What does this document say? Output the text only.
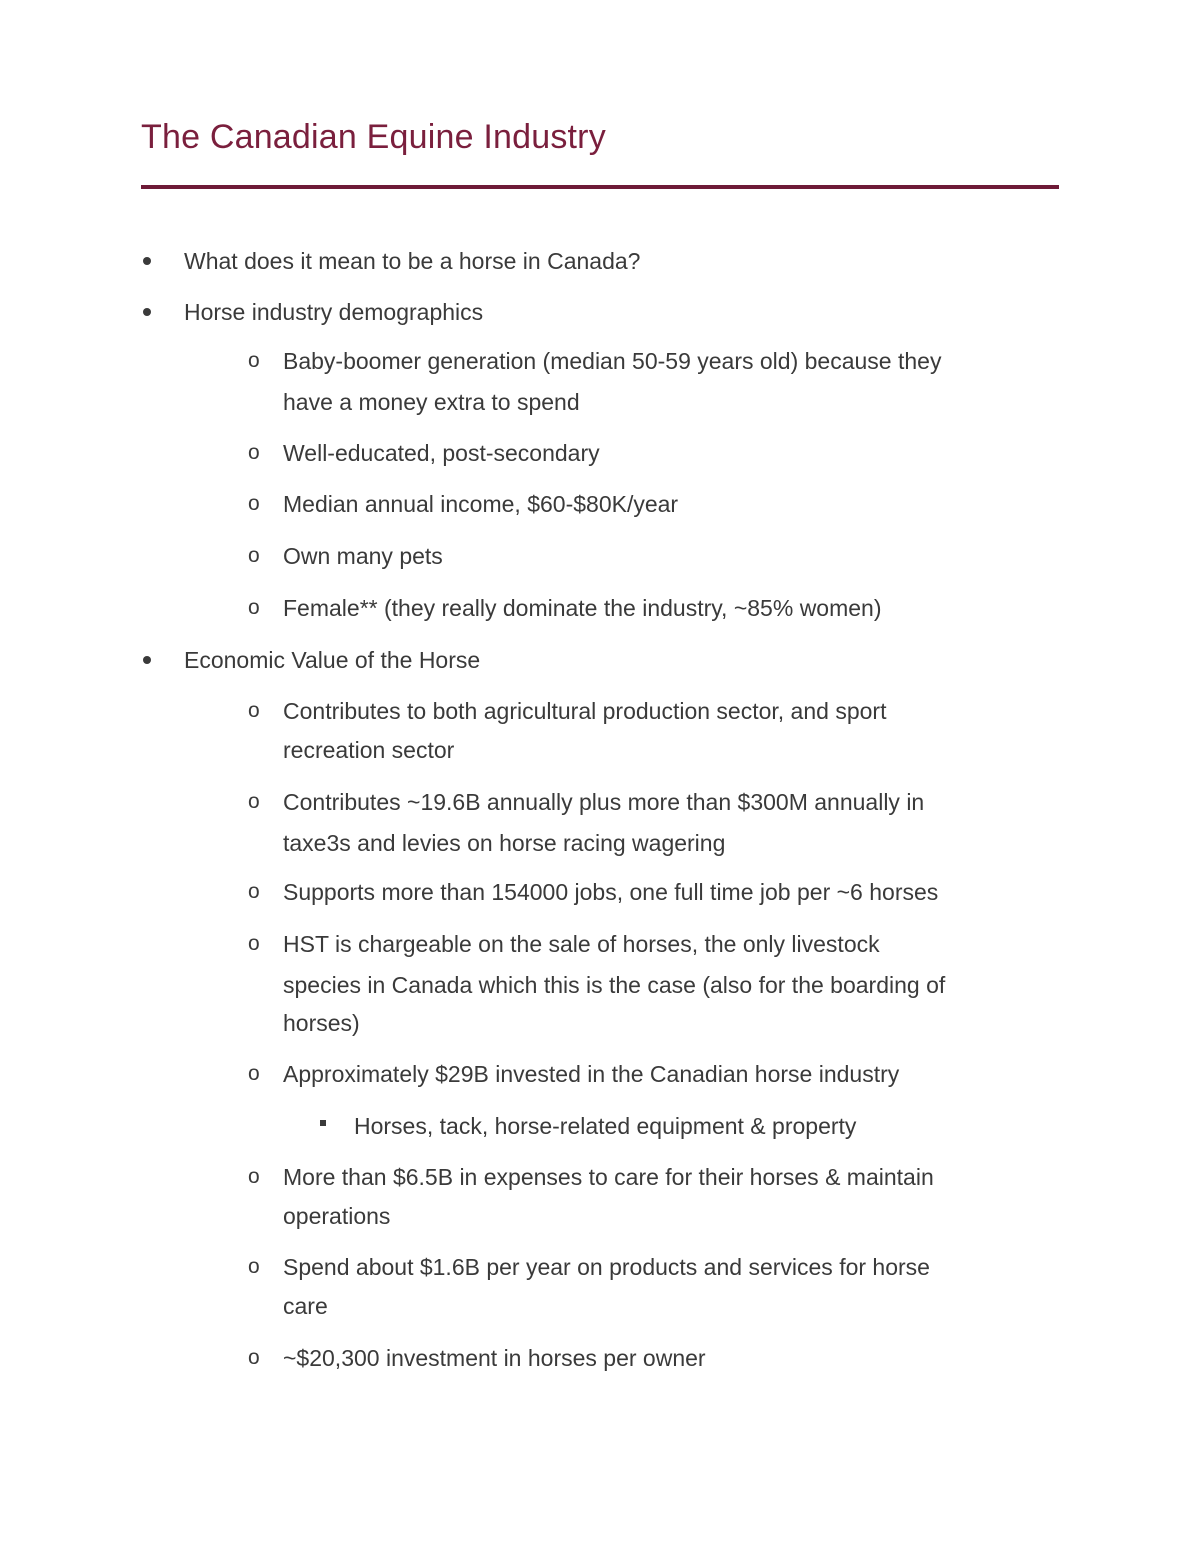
The Canadian Equine Industry
What does it mean to be a horse in Canada?
Horse industry demographics
o Baby-boomer generation (median 50-59 years old) because they
have a money extra to spend
o Well-educated, post-secondary
o Median annual income, $60-$80K/year
o Own many pets
o Female** (they really dominate the industry, ~85% women)
Economic Value of the Horse
o Contributes to both agricultural production sector, and sport
recreation sector
o Contributes ~19.6B annually plus more than $300M annually in
taxe3s and levies on horse racing wagering
o Supports more than 154000 jobs, one full time job per ~6 horses
o HST is chargeable on the sale of horses, the only livestock
species in Canada which this is the case (also for the boarding of
horses)
o Approximately $29B invested in the Canadian horse industry
Horses, tack, horse-related equipment & property
o More than $6.5B in expenses to care for their horses & maintain
operations
o Spend about $1.6B per year on products and services for horse
care
o ~$20,300 investment in horses per owner
